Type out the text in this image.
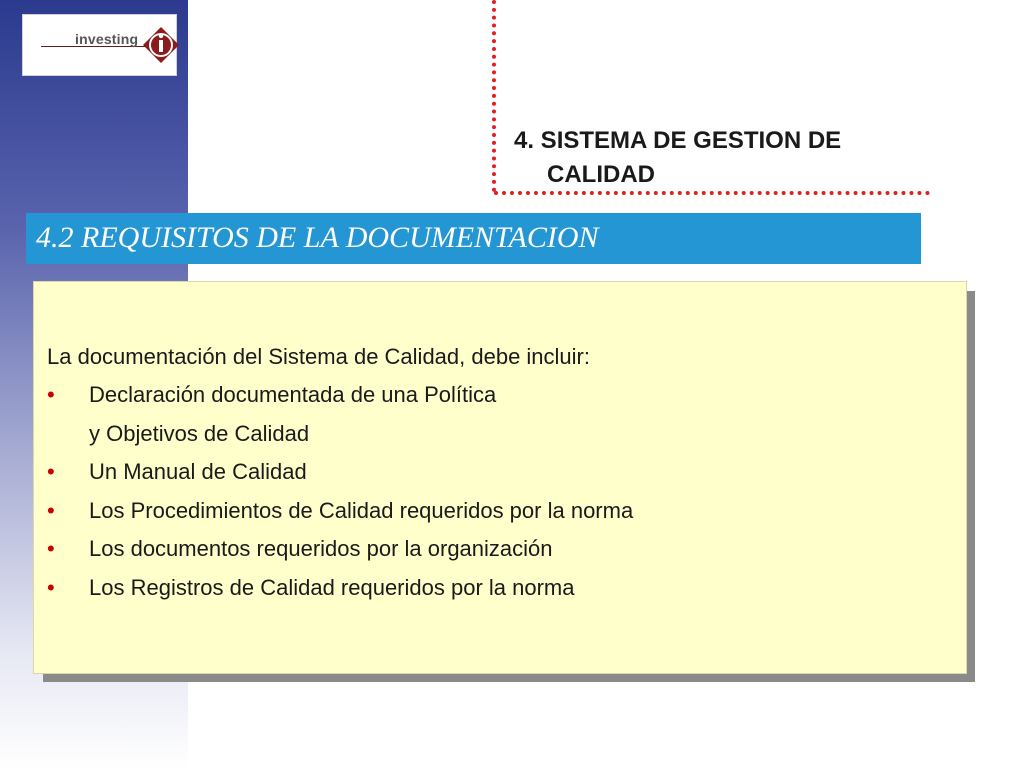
investing
4. SISTEMA DE GESTION DE
CALIDAD
4.2 REQUISITOS DE LA DOCUMENTACION

La documentación del Sistema de Calidad, debe incluir:

• Declaración documentada de una Política
y Objetivos de Calidad
• Un Manual de Calidad
• Los Procedimientos de Calidad requeridos por la norma
• Los documentos requeridos por la organización
• Los Registros de Calidad requeridos por la norma
